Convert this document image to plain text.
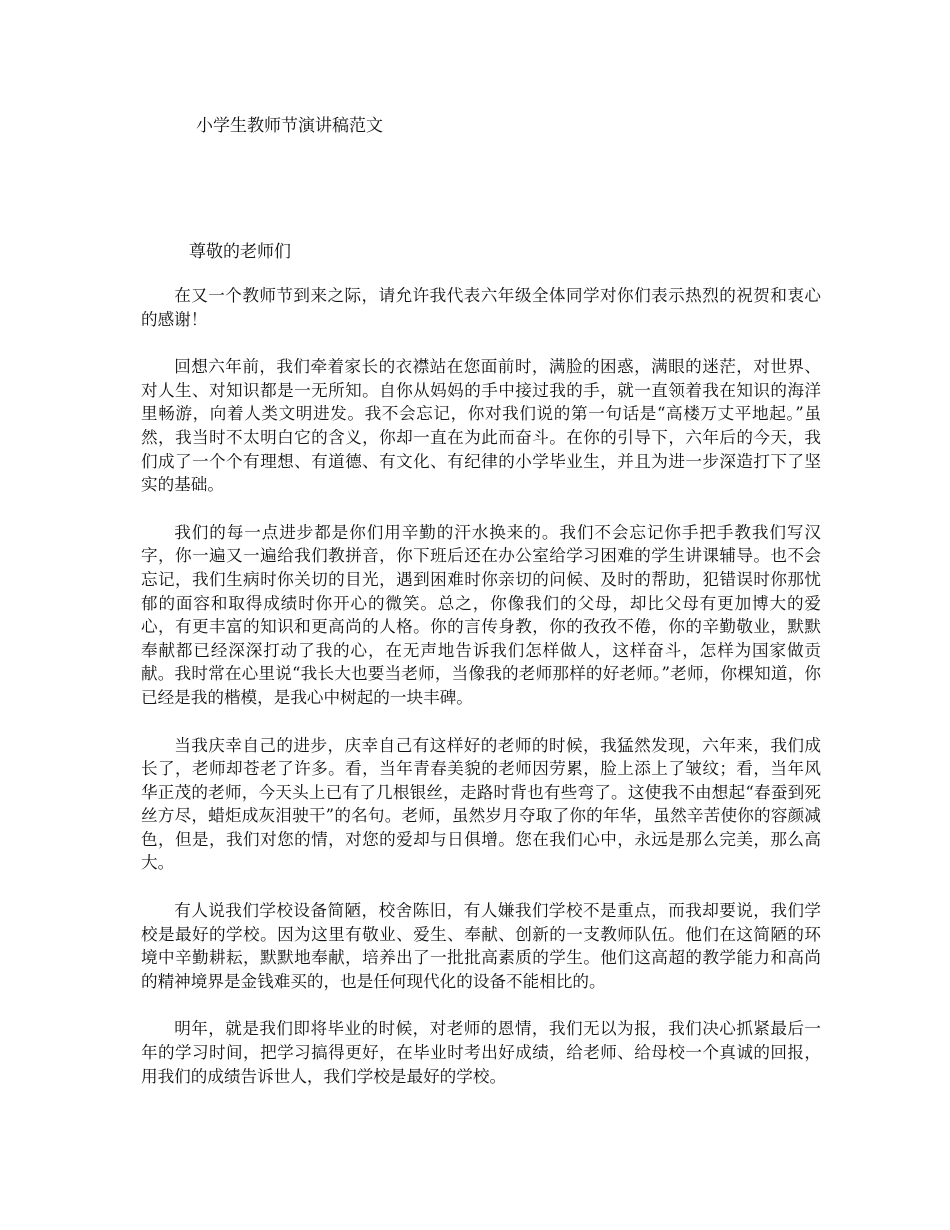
小学生教师节演讲稿范文
尊敬的老师们

在又一个教师节到来之际，请允许我代表六年级全体同学对你们表示热烈的祝贺和衷心的感谢！

回想六年前，我们牵着家长的衣襟站在您面前时，满脸的困惑，满眼的迷茫，对世界、对人生、对知识都是一无所知。自你从妈妈的手中接过我的手，就一直领着我在知识的海洋里畅游，向着人类文明进发。我不会忘记，你对我们说的第一句话是“高楼万丈平地起。”虽然，我当时不太明白它的含义，你却一直在为此而奋斗。在你的引导下，六年后的今天，我们成了一个个有理想、有道德、有文化、有纪律的小学毕业生，并且为进一步深造打下了坚实的基础。

我们的每一点进步都是你们用辛勤的汗水换来的。我们不会忘记你手把手教我们写汉字，你一遍又一遍给我们教拼音，你下班后还在办公室给学习困难的学生讲课辅导。也不会忘记，我们生病时你关切的目光，遇到困难时你亲切的问候、及时的帮助，犯错误时你那忧郁的面容和取得成绩时你开心的微笑。总之，你像我们的父母，却比父母有更加博大的爱心，有更丰富的知识和更高尚的人格。你的言传身教，你的孜孜不倦，你的辛勤敬业，默默奉献都已经深深打动了我的心，在无声地告诉我们怎样做人，这样奋斗，怎样为国家做贡献。我时常在心里说“我长大也要当老师，当像我的老师那样的好老师。”老师，你棵知道，你已经是我的楷模，是我心中树起的一块丰碑。

当我庆幸自己的进步，庆幸自己有这样好的老师的时候，我猛然发现，六年来，我们成长了，老师却苍老了许多。看，当年青春美貌的老师因劳累，脸上添上了皱纹；看，当年风华正茂的老师，今天头上已有了几根银丝，走路时背也有些弯了。这使我不由想起“春蚕到死丝方尽，蜡炬成灰泪驶干”的名句。老师，虽然岁月夺取了你的年华，虽然辛苦使你的容颜减色，但是，我们对您的情，对您的爱却与日俱增。您在我们心中，永远是那么完美，那么高大。

有人说我们学校设备简陋，校舍陈旧，有人嫌我们学校不是重点，而我却要说，我们学校是最好的学校。因为这里有敬业、爱生、奉献、创新的一支教师队伍。他们在这简陋的环境中辛勤耕耘，默默地奉献，培养出了一批批高素质的学生。他们这高超的教学能力和高尚的精神境界是金钱难买的，也是任何现代化的设备不能相比的。

明年，就是我们即将毕业的时候，对老师的恩情，我们无以为报，我们决心抓紧最后一年的学习时间，把学习搞得更好，在毕业时考出好成绩，给老师、给母校一个真诚的回报，用我们的成绩告诉世人，我们学校是最好的学校。
